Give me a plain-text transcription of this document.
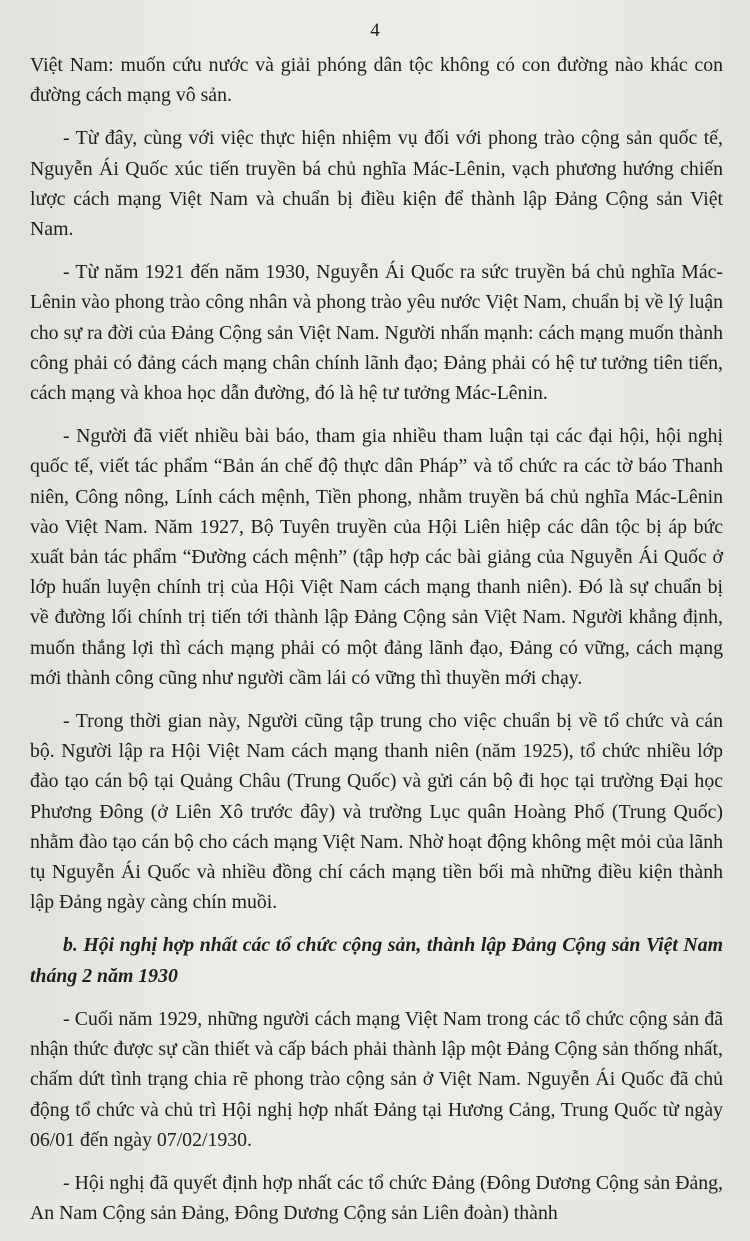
4

Việt Nam: muốn cứu nước và giải phóng dân tộc không có con đường nào khác con đường cách mạng vô sản.

- Từ đây, cùng với việc thực hiện nhiệm vụ đối với phong trào cộng sản quốc tế, Nguyễn Ái Quốc xúc tiến truyền bá chủ nghĩa Mác-Lênin, vạch phương hướng chiến lược cách mạng Việt Nam và chuẩn bị điều kiện để thành lập Đảng Cộng sản Việt Nam.

- Từ năm 1921 đến năm 1930, Nguyễn Ái Quốc ra sức truyền bá chủ nghĩa Mác-Lênin vào phong trào công nhân và phong trào yêu nước Việt Nam, chuẩn bị về lý luận cho sự ra đời của Đảng Cộng sản Việt Nam. Người nhấn mạnh: cách mạng muốn thành công phải có đảng cách mạng chân chính lãnh đạo; Đảng phải có hệ tư tưởng tiên tiến, cách mạng và khoa học dẫn đường, đó là hệ tư tưởng Mác-Lênin.

- Người đã viết nhiều bài báo, tham gia nhiều tham luận tại các đại hội, hội nghị quốc tế, viết tác phẩm “Bản án chế độ thực dân Pháp” và tổ chức ra các tờ báo Thanh niên, Công nông, Lính cách mệnh, Tiền phong, nhằm truyền bá chủ nghĩa Mác-Lênin vào Việt Nam. Năm 1927, Bộ Tuyên truyền của Hội Liên hiệp các dân tộc bị áp bức xuất bản tác phẩm “Đường cách mệnh” (tập hợp các bài giảng của Nguyễn Ái Quốc ở lớp huấn luyện chính trị của Hội Việt Nam cách mạng thanh niên). Đó là sự chuẩn bị về đường lối chính trị tiến tới thành lập Đảng Cộng sản Việt Nam. Người khẳng định, muốn thắng lợi thì cách mạng phải có một đảng lãnh đạo, Đảng có vững, cách mạng mới thành công cũng như người cầm lái có vững thì thuyền mới chạy.

- Trong thời gian này, Người cũng tập trung cho việc chuẩn bị về tổ chức và cán bộ. Người lập ra Hội Việt Nam cách mạng thanh niên (năm 1925), tổ chức nhiều lớp đào tạo cán bộ tại Quảng Châu (Trung Quốc) và gửi cán bộ đi học tại trường Đại học Phương Đông (ở Liên Xô trước đây) và trường Lục quân Hoàng Phố (Trung Quốc) nhằm đào tạo cán bộ cho cách mạng Việt Nam. Nhờ hoạt động không mệt mỏi của lãnh tụ Nguyễn Ái Quốc và nhiều đồng chí cách mạng tiền bối mà những điều kiện thành lập Đảng ngày càng chín muồi.

b. Hội nghị hợp nhất các tổ chức cộng sản, thành lập Đảng Cộng sản Việt Nam tháng 2 năm 1930

- Cuối năm 1929, những người cách mạng Việt Nam trong các tổ chức cộng sản đã nhận thức được sự cần thiết và cấp bách phải thành lập một Đảng Cộng sản thống nhất, chấm dứt tình trạng chia rẽ phong trào cộng sản ở Việt Nam. Nguyễn Ái Quốc đã chủ động tổ chức và chủ trì Hội nghị hợp nhất Đảng tại Hương Cảng, Trung Quốc từ ngày 06/01 đến ngày 07/02/1930.

- Hội nghị đã quyết định hợp nhất các tổ chức Đảng (Đông Dương Cộng sản Đảng, An Nam Cộng sản Đảng, Đông Dương Cộng sản Liên đoàn) thành
